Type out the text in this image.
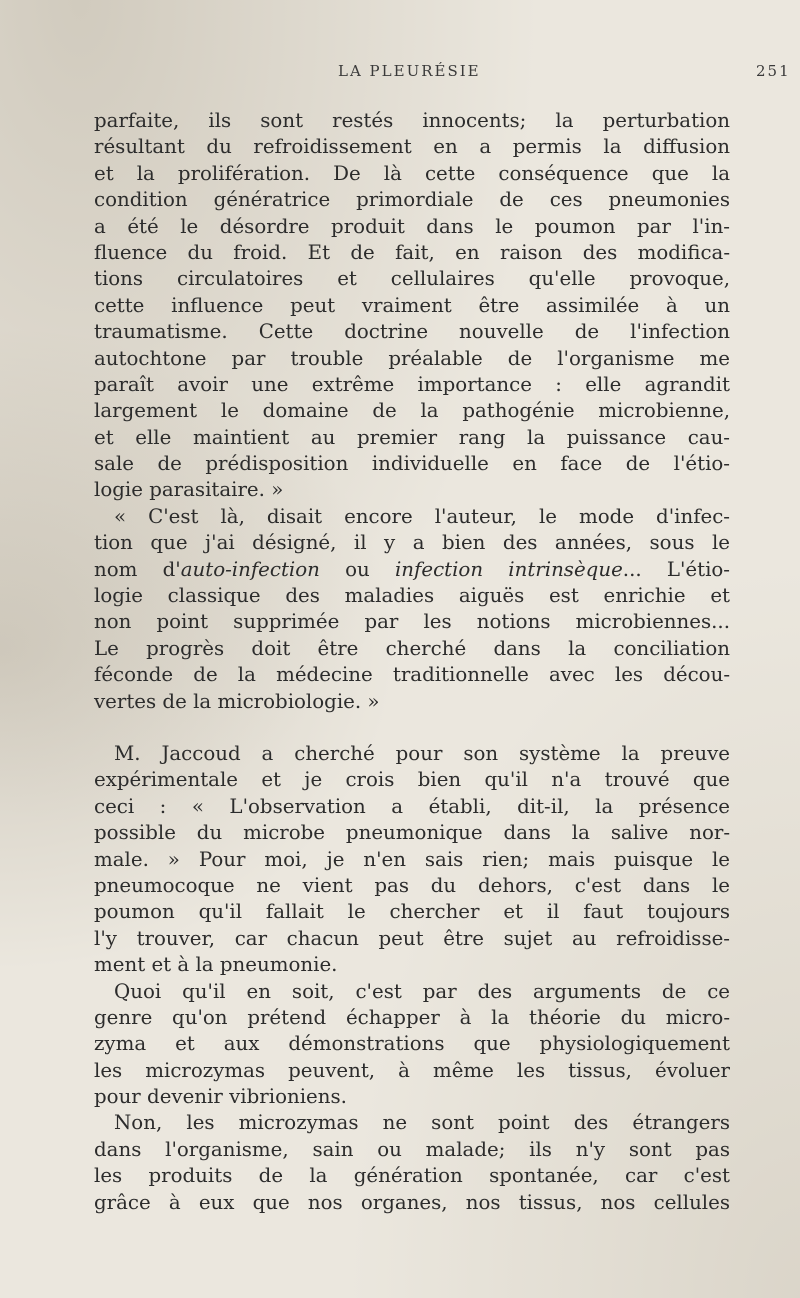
LA PLEURÉSIE	251
parfaite, ils sont restés innocents; la perturbation
résultant du refroidissement en a permis la diffusion
et la prolifération. De là cette conséquence que la
condition génératrice primordiale de ces pneumonies
a été le désordre produit dans le poumon par l'in-
fluence du froid. Et de fait, en raison des modifica-
tions circulatoires et cellulaires qu'elle provoque,
cette influence peut vraiment être assimilée à un
traumatisme. Cette doctrine nouvelle de l'infection
autochtone par trouble préalable de l'organisme me
paraît avoir une extrême importance : elle agrandit
largement le domaine de la pathogénie microbienne,
et elle maintient au premier rang la puissance cau-
sale de prédisposition individuelle en face de l'étio-
logie parasitaire. »
« C'est là, disait encore l'auteur, le mode d'infec-
tion que j'ai désigné, il y a bien des années, sous le
nom d'auto-infection ou infection intrinsèque... L'étio-
logie classique des maladies aiguës est enrichie et
non point supprimée par les notions microbiennes...
Le progrès doit être cherché dans la conciliation
féconde de la médecine traditionnelle avec les décou-
vertes de la microbiologie. »
M. Jaccoud a cherché pour son système la preuve
expérimentale et je crois bien qu'il n'a trouvé que
ceci : « L'observation a établi, dit-il, la présence
possible du microbe pneumonique dans la salive nor-
male. » Pour moi, je n'en sais rien; mais puisque le
pneumocoque ne vient pas du dehors, c'est dans le
poumon qu'il fallait le chercher et il faut toujours
l'y trouver, car chacun peut être sujet au refroidisse-
ment et à la pneumonie.
Quoi qu'il en soit, c'est par des arguments de ce
genre qu'on prétend échapper à la théorie du micro-
zyma et aux démonstrations que physiologiquement
les microzymas peuvent, à même les tissus, évoluer
pour devenir vibrioniens.
Non, les microzymas ne sont point des étrangers
dans l'organisme, sain ou malade; ils n'y sont pas
les produits de la génération spontanée, car c'est
grâce à eux que nos organes, nos tissus, nos cellules
